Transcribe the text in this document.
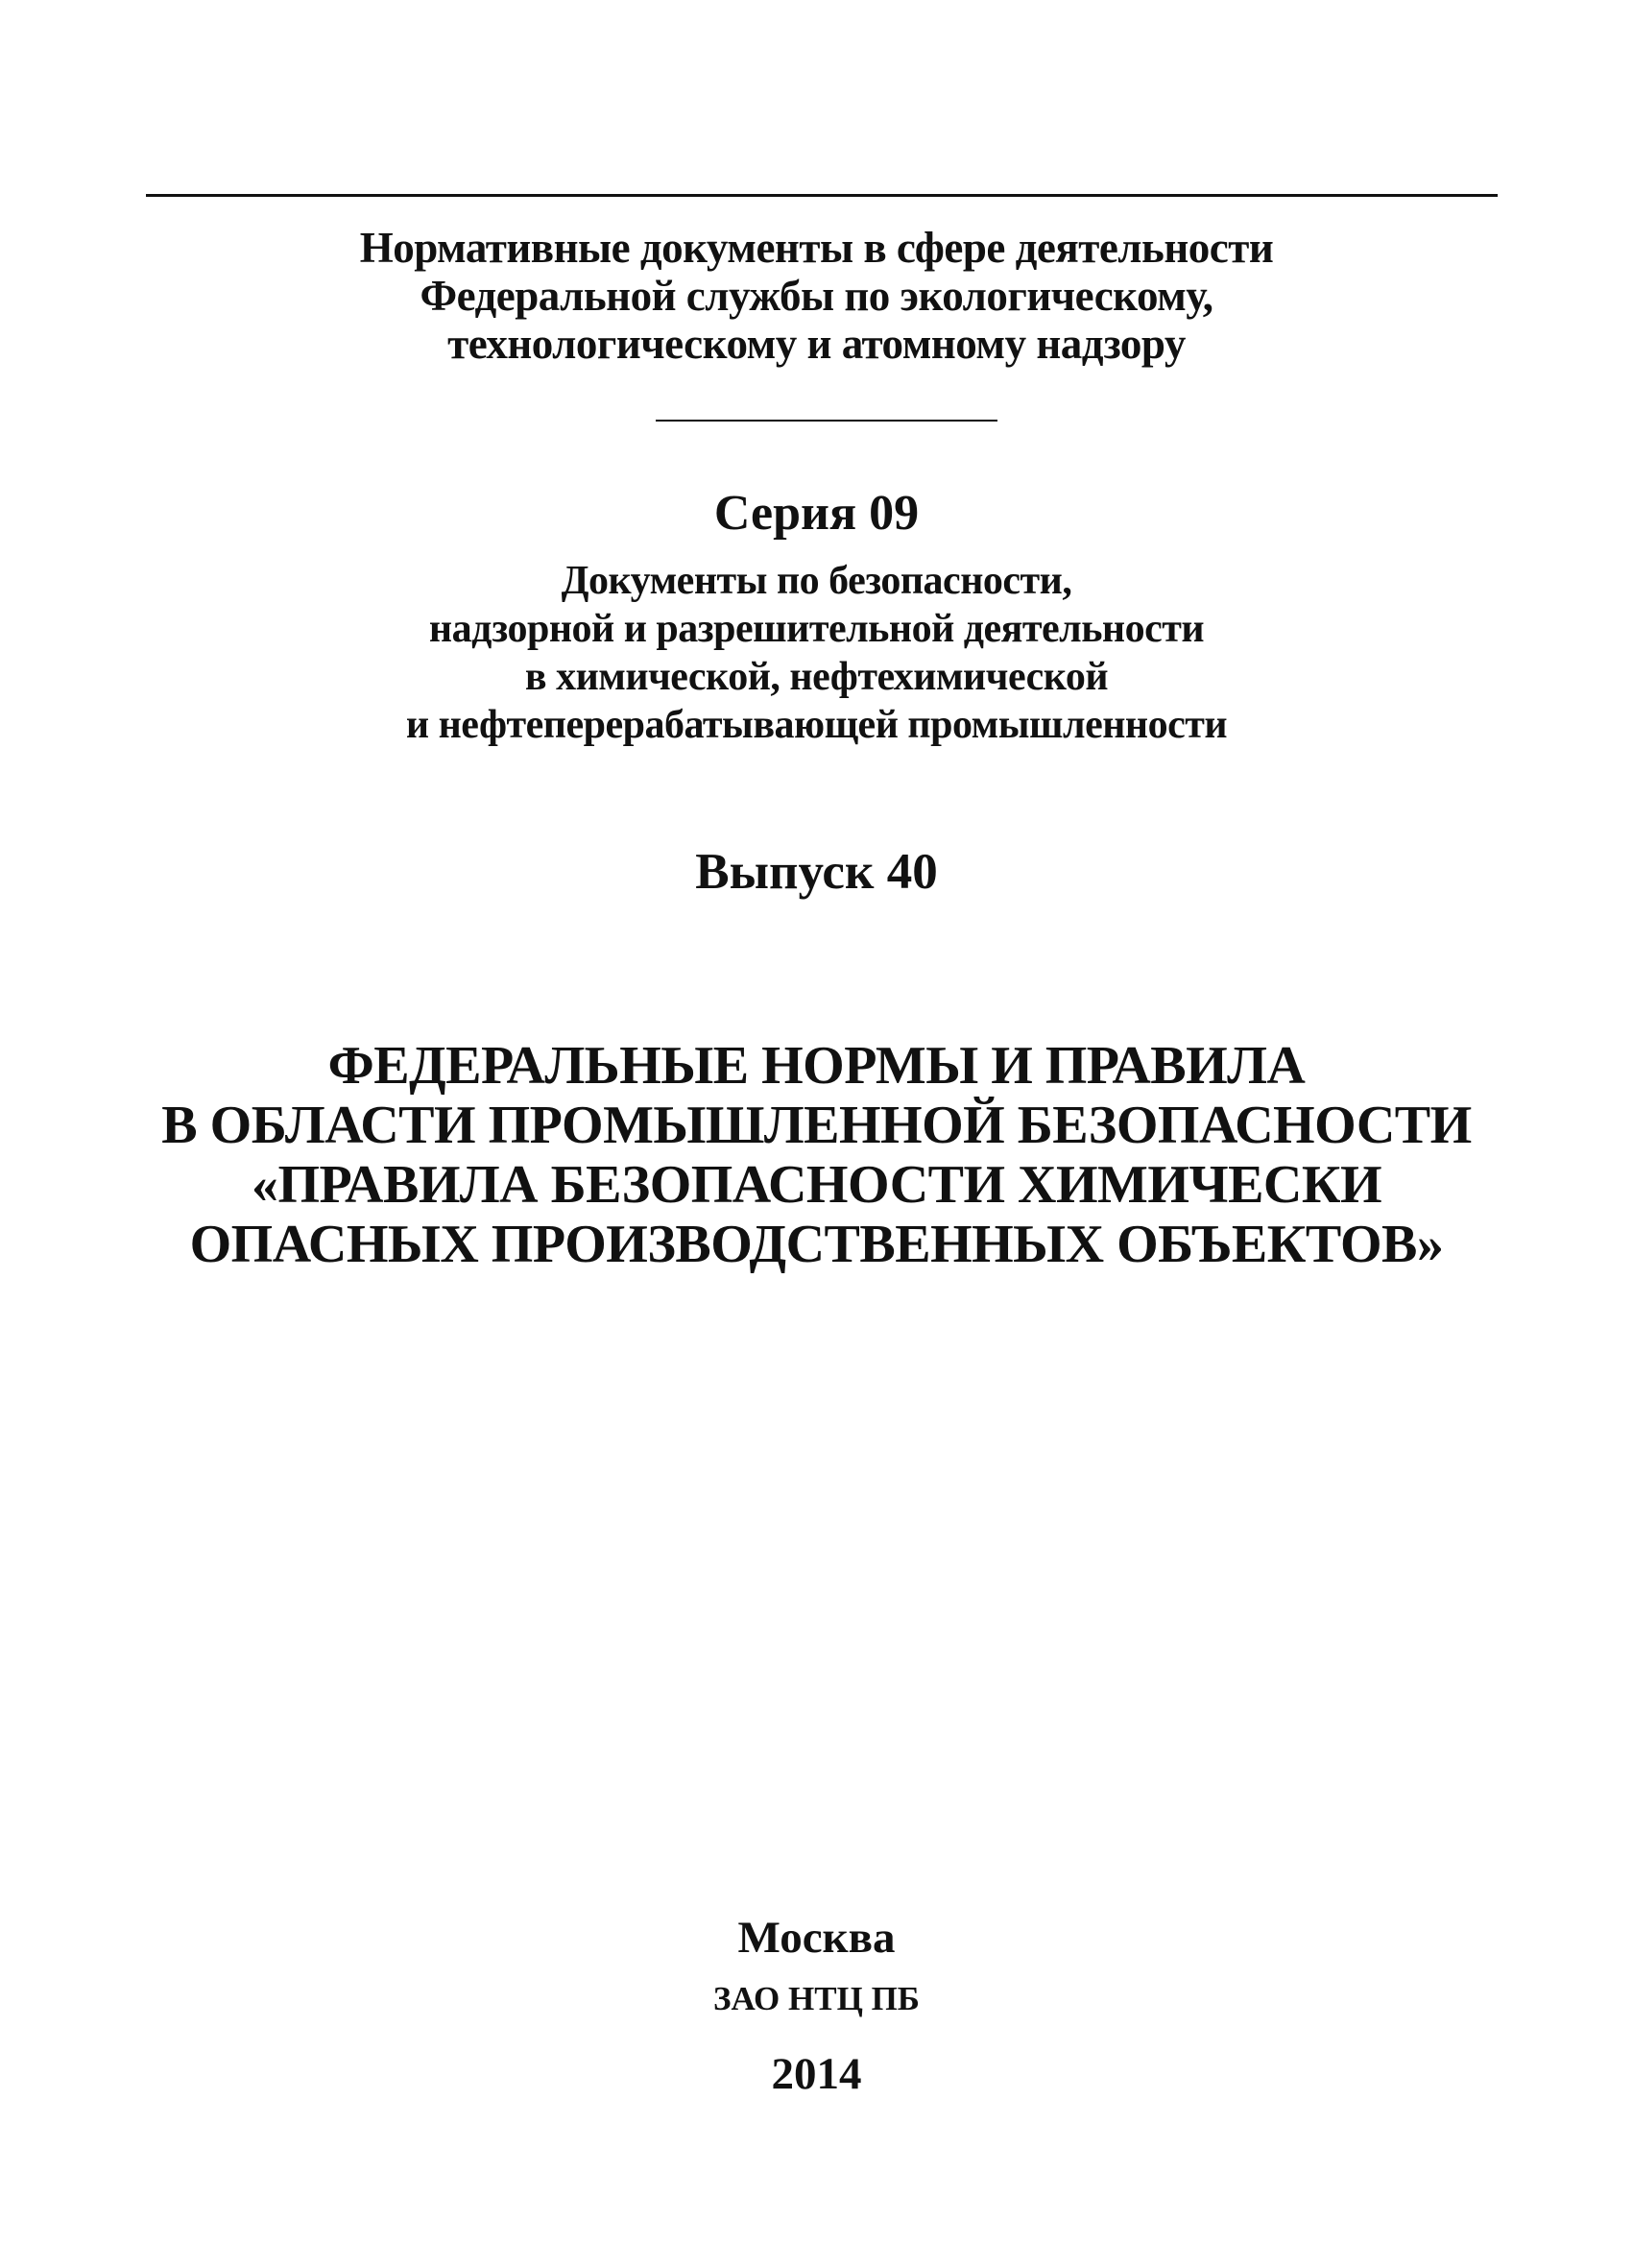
Нормативные документы в сфере деятельности
Федеральной службы по экологическому,
технологическому и атомному надзору
Серия 09
Документы по безопасности,
надзорной и разрешительной деятельности
в химической, нефтехимической
и нефтеперерабатывающей промышленности
Выпуск 40
ФЕДЕРАЛЬНЫЕ НОРМЫ И ПРАВИЛА
В ОБЛАСТИ ПРОМЫШЛЕННОЙ БЕЗОПАСНОСТИ
«ПРАВИЛА БЕЗОПАСНОСТИ ХИМИЧЕСКИ
ОПАСНЫХ ПРОИЗВОДСТВЕННЫХ ОБЪЕКТОВ»
Москва
ЗАО НТЦ ПБ
2014
